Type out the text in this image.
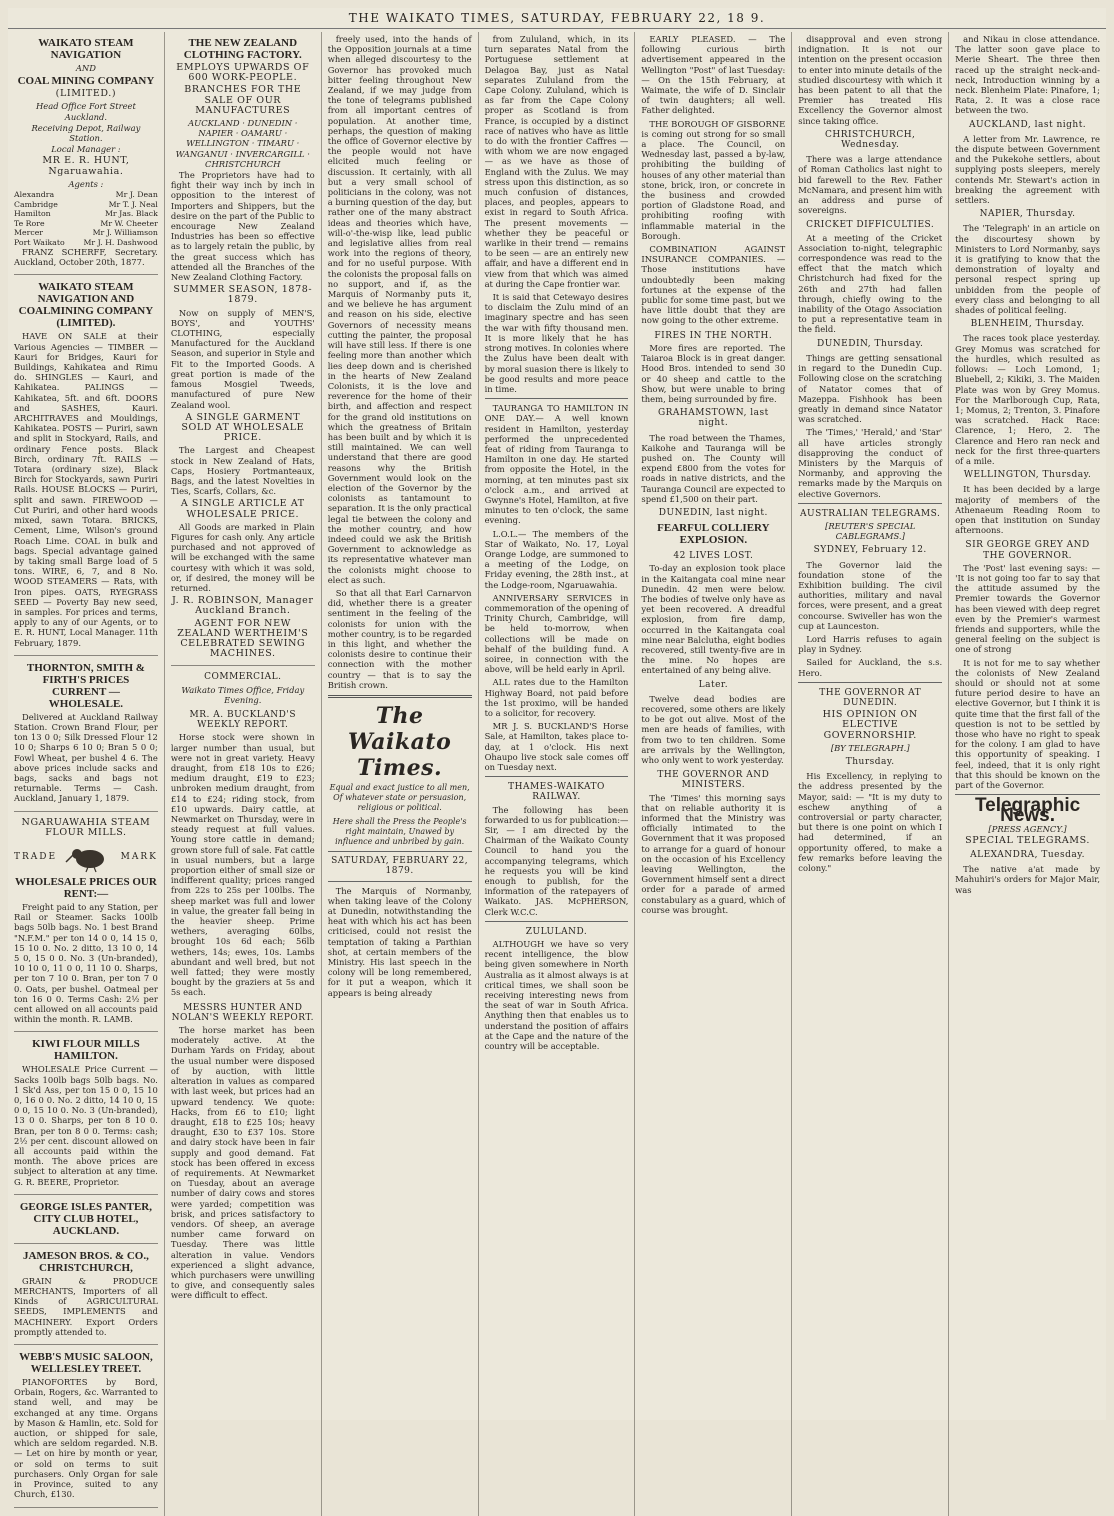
THE WAIKATO TIMES, SATURDAY, FEBRUARY 22, 18 9.
WAIKATO STEAM NAVIGATION
AND
COAL MINING COMPANY
(LIMITED.)
Head Office Fort Street Auckland.
Receiving Depot, Railway Station.
Local Manager :
MR E. R. HUNT, Ngaruawahia.
Agents :
Alexandra	Mr J. Dean
Cambridge	Mr T. J. Neal
Hamilton	Mr Jas. Black
Te Rore	Mr W. Cheeter
Mercer	Mr J. Williamson
Port Waikato Mr J. H. Dashwood

FRANZ SCHERFF, Secretary. Auckland, October 20th, 1877.

WAIKATO STEAM NAVIGATION AND COALMINING COMPANY (LIMITED).

HAVE ON SALE at their Various Agencies — TIMBER — Kauri for Bridges, Kauri for Buildings, Kahikatea and Rimu do. SHINGLES — Kauri, and Kahikatea. PALINGS — Kahikatea, 5ft. and 6ft. DOORS and SASHES, Kauri. ARCHITRAVES and Mouldings, Kahikatea. POSTS — Puriri, sawn and split in Stockyard, Rails, and ordinary Fence posts. Black Birch, ordinary 7ft. RAILS — Totara (ordinary size), Black Birch for Stockyards, sawn Puriri Rails. HOUSE BLOCKS — Puriri, split and sawn. FIREWOOD — Cut Puriri, and other hard woods mixed, sawn Totara. BRICKS, Cement, Lime, Wilson's ground Roach Lime. COAL in bulk and bags. Special advantage gained by taking small Barge load of 5 tons. WIRE, 6, 7, and 8 No. WOOD STEAMERS — Rats, with Iron pipes. OATS, RYEGRASS SEED — Poverty Bay new seed, in samples. For prices and terms, apply to any of our Agents, or to E. R. HUNT, Local Manager. 11th February, 1879.

THORNTON, SMITH & FIRTH'S PRICES CURRENT — WHOLESALE.

Delivered at Auckland Railway Station. Crown Brand Flour, per ton 13 0 0; Silk Dressed Flour 12 10 0; Sharps 6 10 0; Bran 5 0 0; Fowl Wheat, per bushel 4 6. The above prices include sacks and bags, sacks and bags not returnable. Terms — Cash. Auckland, January 1, 1879.

NGARUAWAHIA STEAM FLOUR MILLS.
TRADE	MARK
WHOLESALE PRICES OUR RENT:—

Freight paid to any Station, per Rail or Steamer. Sacks 100lb bags 50lb bags. No. 1 best Brand "N.F.M." per ton 14 0 0, 14 15 0, 15 10 0. No. 2 ditto, 13 10 0, 14 5 0, 15 0 0. No. 3 (Un-branded), 10 10 0, 11 0 0, 11 10 0. Sharps, per ton 7 10 0. Bran, per ton 7 0 0. Oats, per bushel. Oatmeal per ton 16 0 0. Terms Cash: 2½ per cent allowed on all accounts paid within the month. R. LAMB.

KIWI FLOUR MILLS HAMILTON.

WHOLESALE Price Current — Sacks 100lb bags 50lb bags. No. 1 Sk'd Ass, per ton 15 0 0, 15 10 0, 16 0 0. No. 2 ditto, 14 10 0, 15 0 0, 15 10 0. No. 3 (Un-branded), 13 0 0. Sharps, per ton 8 10 0. Bran, per ton 8 0 0. Terms: cash; 2½ per cent. discount allowed on all accounts paid within the month. The above prices are subject to alteration at any time. G. R. BEERE, Proprietor.

GEORGE ISLES PANTER, CITY CLUB HOTEL, AUCKLAND.
JAMESON BROS. & CO., CHRISTCHURCH,

GRAIN & PRODUCE MERCHANTS, Importers of all Kinds of AGRICULTURAL SEEDS, IMPLEMENTS and MACHINERY. Export Orders promptly attended to.

WEBB'S MUSIC SALOON, WELLESLEY TREET.

PIANOFORTES by Bord, Orbain, Rogers, &c. Warranted to stand well, and may be exchanged at any time. Organs by Mason & Hamlin, etc. Sold for auction, or shipped for sale, which are seldom regarded. N.B. — Let on hire by month or year, or sold on terms to suit purchasers. Only Organ for sale in Province, suited to any Church, £130.

THE NEW ZEALAND CLOTHING FACTORY.
EMPLOYS UPWARDS OF 600 WORK-PEOPLE.
BRANCHES FOR THE SALE OF OUR MANUFACTURES
AUCKLAND · DUNEDIN · NAPIER · OAMARU · WELLINGTON · TIMARU · WANGANUI · INVERCARGILL · CHRISTCHURCH

The Proprietors have had to fight their way inch by inch in opposition to the interest of Importers and Shippers, but the desire on the part of the Public to encourage New Zealand Industries has been so effective as to largely retain the public, by the great success which has attended all the Branches of the New Zealand Clothing Factory.

SUMMER SEASON, 1878-1879.

Now on supply of MEN'S, BOYS', and YOUTHS' CLOTHING, especially Manufactured for the Auckland Season, and superior in Style and Fit to the Imported Goods. A great portion is made of the famous Mosgiel Tweeds, manufactured of pure New Zealand wool.

A SINGLE GARMENT SOLD AT WHOLESALE PRICE.

The Largest and Cheapest stock in New Zealand of Hats, Caps, Hosiery Portmanteaux, Bags, and the latest Novelties in Ties, Scarfs, Collars, &c.

A SINGLE ARTICLE AT WHOLESALE PRICE.

All Goods are marked in Plain Figures for cash only. Any article purchased and not approved of will be exchanged with the same courtesy with which it was sold, or, if desired, the money will be returned.

J. R. ROBINSON, Manager Auckland Branch.
AGENT FOR NEW ZEALAND WERTHEIM'S CELEBRATED SEWING MACHINES.
COMMERCIAL.
Waikato Times Office, Friday Evening.
MR. A. BUCKLAND'S WEEKLY REPORT.

Horse stock were shown in larger number than usual, but were not in great variety. Heavy draught, from £18 10s to £26; medium draught, £19 to £23; unbroken medium draught, from £14 to £24; riding stock, from £10 upwards. Dairy cattle, at Newmarket on Thursday, were in steady request at full values. Young store cattle in demand; grown store full of sale. Fat cattle in usual numbers, but a large proportion either of small size or indifferent quality; prices ranged from 22s to 25s per 100lbs. The sheep market was full and lower in value, the greater fall being in the heavier sheep. Prime wethers, averaging 60lbs, brought 10s 6d each; 56lb wethers, 14s; ewes, 10s. Lambs abundant and well bred, but not well fatted; they were mostly bought by the graziers at 5s and 5s each.

MESSRS HUNTER AND NOLAN'S WEEKLY REPORT.

The horse market has been moderately active. At the Durham Yards on Friday, about the usual number were disposed of by auction, with little alteration in values as compared with last week, but prices had an upward tendency. We quote: Hacks, from £6 to £10; light draught, £18 to £25 10s; heavy draught, £30 to £37 10s. Store and dairy stock have been in fair supply and good demand. Fat stock has been offered in excess of requirements. At Newmarket on Tuesday, about an average number of dairy cows and stores were yarded; competition was brisk, and prices satisfactory to vendors. Of sheep, an average number came forward on Tuesday. There was little alteration in value. Vendors experienced a slight advance, which purchasers were unwilling to give, and consequently sales were difficult to effect.

freely used, into the hands of the Opposition journals at a time when alleged discourtesy to the Governor has provoked much bitter feeling throughout New Zealand, if we may judge from the tone of telegrams published from all important centres of population. At another time, perhaps, the question of making the office of Governor elective by the people would not have elicited much feeling or discussion. It certainly, with all but a very small school of politicians in the colony, was not a burning question of the day, but rather one of the many abstract ideas and theories which have, will-o'-the-wisp like, lead public and legislative allies from real work into the regions of theory, and for no useful purpose. With the colonists the proposal falls on no support, and if, as the Marquis of Normanby puts it, and we believe he has argument and reason on his side, elective Governors of necessity means cutting the painter, the proposal will have still less. If there is one feeling more than another which lies deep down and is cherished in the hearts of New Zealand Colonists, it is the love and reverence for the home of their birth, and affection and respect for the grand old institutions on which the greatness of Britain has been built and by which it is still maintained. We can well understand that there are good reasons why the British Government would look on the election of the Governor by the colonists as tantamount to separation. It is the only practical legal tie between the colony and the mother country, and how indeed could we ask the British Government to acknowledge as its representative whatever man the colonists might choose to elect as such.

So that all that Earl Carnarvon did, whether there is a greater sentiment in the feeling of the colonists for union with the mother country, is to be regarded in this light, and whether the colonists desire to continue their connection with the mother country — that is to say the British crown.

The Waikato Times.
Equal and exact justice to all men, Of whatever state or persuasion, religious or political.
Here shall the Press the People's right maintain, Unawed by influence and unbribed by gain.
SATURDAY, FEBRUARY 22, 1879.

The Marquis of Normanby, when taking leave of the Colony at Dunedin, notwithstanding the heat with which his act has been criticised, could not resist the temptation of taking a Parthian shot, at certain members of the Ministry. His last speech in the colony will be long remembered, for it put a weapon, which it appears is being already

from Zululand, which, in its turn separates Natal from the Portuguese settlement at Delagoa Bay, just as Natal separates Zululand from the Cape Colony. Zululand, which is as far from the Cape Colony proper as Scotland is from France, is occupied by a distinct race of natives who have as little to do with the frontier Caffres — with whom we are now engaged — as we have as those of England with the Zulus. We may stress upon this distinction, as so much confusion of distances, places, and peoples, appears to exist in regard to South Africa. The present movements — whether they be peaceful or warlike in their trend — remains to be seen — are an entirely new affair, and have a different end in view from that which was aimed at during the Cape frontier war.

It is said that Cetewayo desires to disclaim the Zulu mind of an imaginary spectre and has seen the war with fifty thousand men. It is more likely that he has strong motives. In colonies where the Zulus have been dealt with by moral suasion there is likely to be good results and more peace in time.

TAURANGA TO HAMILTON IN ONE DAY.— A well known resident in Hamilton, yesterday performed the unprecedented feat of riding from Tauranga to Hamilton in one day. He started from opposite the Hotel, in the morning, at ten minutes past six o'clock a.m., and arrived at Gwynne's Hotel, Hamilton, at five minutes to ten o'clock, the same evening.

L.O.L.— The members of the Star of Waikato, No. 17, Loyal Orange Lodge, are summoned to a meeting of the Lodge, on Friday evening, the 28th inst., at the Lodge-room, Ngaruawahia.

ANNIVERSARY SERVICES in commemoration of the opening of Trinity Church, Cambridge, will be held to-morrow, when collections will be made on behalf of the building fund. A soiree, in connection with the above, will be held early in April.

ALL rates due to the Hamilton Highway Board, not paid before the 1st proximo, will be handed to a solicitor, for recovery.

MR J. S. BUCKLAND'S Horse Sale, at Hamilton, takes place to-day, at 1 o'clock. His next Ohaupo live stock sale comes off on Tuesday next.

THAMES-WAIKATO RAILWAY.

The following has been forwarded to us for publication:— Sir, — I am directed by the Chairman of the Waikato County Council to hand you the accompanying telegrams, which he requests you will be kind enough to publish, for the information of the ratepayers of Waikato. JAS. McPHERSON, Clerk W.C.C.

ZULULAND.

ALTHOUGH we have so very recent intelligence, the blow being given somewhere in North Australia as it almost always is at critical times, we shall soon be receiving interesting news from the seat of war in South Africa. Anything then that enables us to understand the position of affairs at the Cape and the nature of the country will be acceptable.

EARLY PLEASED. — The following curious birth advertisement appeared in the Wellington "Post" of last Tuesday: — On the 15th February, at Waimate, the wife of D. Sinclair of twin daughters; all well. Father delighted.

THE BOROUGH OF GISBORNE is coming out strong for so small a place. The Council, on Wednesday last, passed a by-law, prohibiting the building of houses of any other material than stone, brick, iron, or concrete in the business and crowded portion of Gladstone Road, and prohibiting roofing with inflammable material in the Borough.

COMBINATION AGAINST INSURANCE COMPANIES. — Those institutions have undoubtedly been making fortunes at the expense of the public for some time past, but we have little doubt that they are now going to the other extreme.

FIRES IN THE NORTH.

More fires are reported. The Taiaroa Block is in great danger. Hood Bros. intended to send 30 or 40 sheep and cattle to the Show, but were unable to bring them, being surrounded by fire.

GRAHAMSTOWN, last night.

The road between the Thames, Kaikohe and Tauranga will be pushed on. The County will expend £800 from the votes for roads in native districts, and the Tauranga Council are expected to spend £1,500 on their part.

DUNEDIN, last night.
FEARFUL COLLIERY EXPLOSION.
42 LIVES LOST.

To-day an explosion took place in the Kaitangata coal mine near Dunedin. 42 men were below. The bodies of twelve only have as yet been recovered. A dreadful explosion, from fire damp, occurred in the Kaitangata coal mine near Balclutha, eight bodies recovered, still twenty-five are in the mine. No hopes are entertained of any being alive.

Later.

Twelve dead bodies are recovered, some others are likely to be got out alive. Most of the men are heads of families, with from two to ten children. Some are arrivals by the Wellington, who only went to work yesterday.

THE GOVERNOR AND MINISTERS.

The 'Times' this morning says that on reliable authority it is informed that the Ministry was officially intimated to the Government that it was proposed to arrange for a guard of honour on the occasion of his Excellency leaving Wellington, the Government himself sent a direct order for a parade of armed constabulary as a guard, which of course was brought.

disapproval and even strong indignation. It is not our intention on the present occasion to enter into minute details of the studied discourtesy with which it has been patent to all that the Premier has treated His Excellency the Governor almost since taking office.

CHRISTCHURCH, Wednesday.

There was a large attendance of Roman Catholics last night to bid farewell to the Rev. Father McNamara, and present him with an address and purse of sovereigns.

CRICKET DIFFICULTIES.

At a meeting of the Cricket Association to-night, telegraphic correspondence was read to the effect that the match which Christchurch had fixed for the 26th and 27th had fallen through, chiefly owing to the inability of the Otago Association to put a representative team in the field.

DUNEDIN, Thursday.

Things are getting sensational in regard to the Dunedin Cup. Following close on the scratching of Natator comes that of Mazeppa. Fishhook has been greatly in demand since Natator was scratched.

The 'Times,' 'Herald,' and 'Star' all have articles strongly disapproving the conduct of Ministers by the Marquis of Normanby, and approving the remarks made by the Marquis on elective Governors.

AUSTRALIAN TELEGRAMS.
[REUTER'S SPECIAL CABLEGRAMS.]
SYDNEY, February 12.

The Governor laid the foundation stone of the Exhibition building. The civil authorities, military and naval forces, were present, and a great concourse. Swiveller has won the cup at Launceston.

Lord Harris refuses to again play in Sydney.

Sailed for Auckland, the s.s. Hero.

THE GOVERNOR AT DUNEDIN.
HIS OPINION ON ELECTIVE GOVERNORSHIP.
[BY TELEGRAPH.]
Thursday.

His Excellency, in replying to the address presented by the Mayor, said: — "It is my duty to eschew anything of a controversial or party character, but there is one point on which I had determined, if an opportunity offered, to make a few remarks before leaving the colony."

and Nikau in close attendance. The latter soon gave place to Merie Sheart. The three then raced up the straight neck-and-neck, Introduction winning by a neck. Blenheim Plate: Pinafore, 1; Rata, 2. It was a close race between the two.

AUCKLAND, last night.

A letter from Mr. Lawrence, re the dispute between Government and the Pukekohe settlers, about supplying posts sleepers, merely contends Mr. Stewart's action in breaking the agreement with settlers.

NAPIER, Thursday.

The 'Telegraph' in an article on the discourtesy shown by Ministers to Lord Normanby, says it is gratifying to know that the demonstration of loyalty and personal respect spring up unbidden from the people of every class and belonging to all shades of political feeling.

BLENHEIM, Thursday.

The races took place yesterday. Grey Momus was scratched for the hurdles, which resulted as follows: — Loch Lomond, 1; Bluebell, 2; Kikiki, 3. The Maiden Plate was won by Grey Momus. For the Marlborough Cup, Rata, 1; Momus, 2; Trenton, 3. Pinafore was scratched. Hack Race: Clarence, 1; Hero, 2. The Clarence and Hero ran neck and neck for the first three-quarters of a mile.

WELLINGTON, Thursday.

It has been decided by a large majority of members of the Athenaeum Reading Room to open that institution on Sunday afternoons.

SIR GEORGE GREY AND THE GOVERNOR.

The 'Post' last evening says: — 'It is not going too far to say that the attitude assumed by the Premier towards the Governor has been viewed with deep regret even by the Premier's warmest friends and supporters, while the general feeling on the subject is one of strong

It is not for me to say whether the colonists of New Zealand should or should not at some future period desire to have an elective Governor, but I think it is quite time that the first fall of the question is not to be settled by those who have no right to speak for the colony. I am glad to have this opportunity of speaking. I feel, indeed, that it is only right that this should be known on the part of the Governor.

Telegraphic News.
[PRESS AGENCY.]
SPECIAL TELEGRAMS.
ALEXANDRA, Tuesday.

The native a'at made by Mahuhiri's orders for Major Mair, was
